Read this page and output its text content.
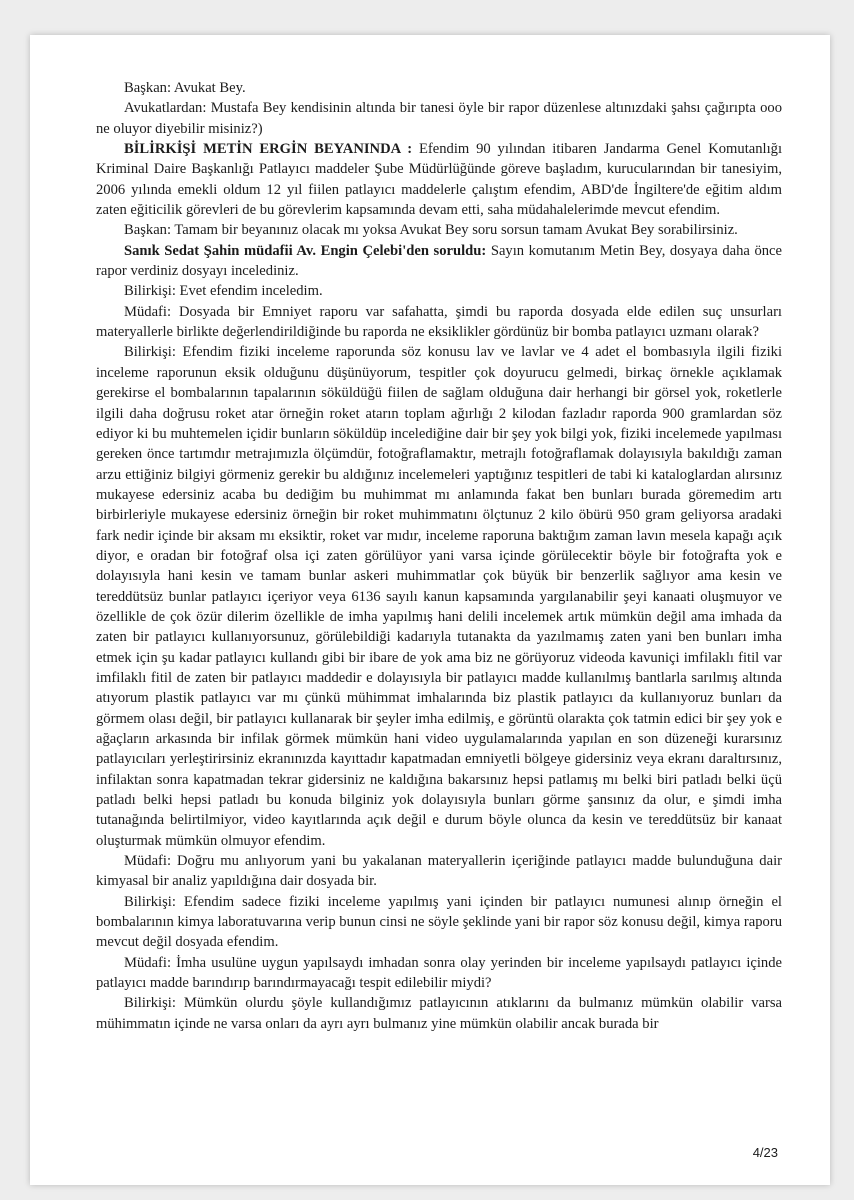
Başkan: Avukat Bey.

Avukatlardan: Mustafa Bey kendisinin altında bir tanesi öyle bir rapor düzenlese altınızdaki şahsı çağırıpta ooo ne oluyor diyebilir misiniz?)

BİLİRKİŞİ METİN ERGİN BEYANINDA : Efendim 90 yılından itibaren Jandarma Genel Komutanlığı Kriminal Daire Başkanlığı Patlayıcı maddeler Şube Müdürlüğünde göreve başladım, kurucularından bir tanesiyim, 2006 yılında emekli oldum 12 yıl fiilen patlayıcı maddelerle çalıştım efendim, ABD'de İngiltere'de eğitim aldım zaten eğiticilik görevleri de bu görevlerim kapsamında devam etti, saha müdahalelerimde mevcut efendim.

Başkan: Tamam bir beyanınız olacak mı yoksa Avukat Bey soru sorsun tamam Avukat Bey sorabilirsiniz.

Sanık Sedat Şahin müdafii Av. Engin Çelebi'den soruldu: Sayın komutanım Metin Bey, dosyaya daha önce rapor verdiniz dosyayı incelediniz.

Bilirkişi: Evet efendim inceledim.

Müdafi: Dosyada bir Emniyet raporu var safahatta, şimdi bu raporda dosyada elde edilen suç unsurları materyallerle birlikte değerlendirildiğinde bu raporda ne eksiklikler gördünüz bir bomba patlayıcı uzmanı olarak?

Bilirkişi: Efendim fiziki inceleme raporunda söz konusu lav ve lavlar ve 4 adet el bombasıyla ilgili fiziki inceleme raporunun eksik olduğunu düşünüyorum, tespitler çok doyurucu gelmedi, birkaç örnekle açıklamak gerekirse el bombalarının tapalarının söküldüğü fiilen de sağlam olduğuna dair herhangi bir görsel yok, roketlerle ilgili daha doğrusu roket atar örneğin roket atarın toplam ağırlığı 2 kilodan fazladır raporda 900 gramlardan söz ediyor ki bu muhtemelen içidir bunların söküldüp incelediğine dair bir şey yok bilgi yok, fiziki incelemede yapılması gereken önce tartımdır metrajımızla ölçümdür, fotoğraflamaktır, metrajlı fotoğraflamak dolayısıyla bakıldığı zaman arzu ettiğiniz bilgiyi görmeniz gerekir bu aldığınız incelemeleri yaptığınız tespitleri de tabi ki kataloglardan alırsınız mukayese edersiniz acaba bu dediğim bu muhimmat mı anlamında fakat ben bunları burada göremedim artı birbirleriyle mukayese edersiniz örneğin bir roket muhimmatını ölçtunuz 2 kilo öbürü 950 gram geliyorsa aradaki fark nedir içinde bir aksam mı eksiktir, roket var mıdır, inceleme raporuna baktığım zaman lavın mesela kapağı açık diyor, e oradan bir fotoğraf olsa içi zaten görülüyor yani varsa içinde görülecektir böyle bir fotoğrafta yok e dolayısıyla hani kesin ve tamam bunlar askeri muhimmatlar çok büyük bir benzerlik sağlıyor ama kesin ve tereddütsüz bunlar patlayıcı içeriyor veya 6136 sayılı kanun kapsamında yargılanabilir şeyi kanaati oluşmuyor ve özellikle de çok özür dilerim özellikle de imha yapılmış hani delili incelemek artık mümkün değil ama imhada da zaten bir patlayıcı kullanıyorsunuz, görülebildiği kadarıyla tutanakta da yazılmamış zaten yani ben bunları imha etmek için şu kadar patlayıcı kullandı gibi bir ibare de yok ama biz ne görüyoruz videoda kavuniçi imfilaklı fitil var imfilaklı fitil de zaten bir patlayıcı maddedir e dolayısıyla bir patlayıcı madde kullanılmış bantlarla sarılmış altında atıyorum plastik patlayıcı var mı çünkü mühimmat imhalarında biz plastik patlayıcı da kullanıyoruz bunları da görmem olası değil, bir patlayıcı kullanarak bir şeyler imha edilmiş, e görüntü olarakta çok tatmin edici bir şey yok e ağaçların arkasında bir infilak görmek mümkün hani video uygulamalarında yapılan en son düzeneği kurarsınız patlayıcıları yerleştirirsiniz ekranınızda kayıttadır kapatmadan emniyetli bölgeye gidersiniz veya ekranı daraltırsınız, infilaktan sonra kapatmadan tekrar gidersiniz ne kaldığına bakarsınız hepsi patlamış mı belki biri patladı belki üçü patladı belki hepsi patladı bu konuda bilginiz yok dolayısıyla bunları görme şansınız da olur, e şimdi imha tutanağında belirtilmiyor, video kayıtlarında açık değil e durum böyle olunca da kesin ve tereddütsüz bir kanaat oluşturmak mümkün olmuyor efendim.

Müdafi: Doğru mu anlıyorum yani bu yakalanan materyallerin içeriğinde patlayıcı madde bulunduğuna dair kimyasal bir analiz yapıldığına dair dosyada bir.

Bilirkişi: Efendim sadece fiziki inceleme yapılmış yani içinden bir patlayıcı numunesi alınıp örneğin el bombalarının kimya laboratuvarına verip bunun cinsi ne söyle şeklinde yani bir rapor söz konusu değil, kimya raporu mevcut değil dosyada efendim.

Müdafi: İmha usulüne uygun yapılsaydı imhadan sonra olay yerinden bir inceleme yapılsaydı patlayıcı içinde patlayıcı madde barındırıp barındırmayacağı tespit edilebilir miydi?

Bilirkişi: Mümkün olurdu şöyle kullandığımız patlayıcının atıklarını da bulmanız mümkün olabilir varsa mühimmatın içinde ne varsa onları da ayrı ayrı bulmanız yine mümkün olabilir ancak burada bir

4/23
